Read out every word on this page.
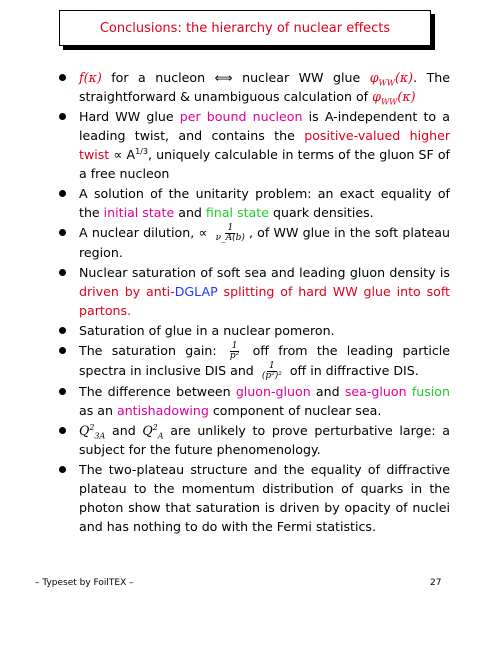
Conclusions: the hierarchy of nuclear effects
f(κ) for a nucleon ⟺ nuclear WW glue $\varphi_{WW}(\kappa)$. The straightforward & unambiguous calculation of $\varphi_{WW}(\kappa)$
Hard WW glue per bound nucleon is A-independent to a leading twist, and contains the positive-valued higher twist ∝ $A^{1/3}$, uniquely calculable in terms of the gluon SF of a free nucleon
A solution of the unitarity problem: an exact equality of the initial state and final state quark densities.
A nuclear dilution, ∝ $\frac{1}{\nu\_A(b)}$ , of WW glue in the soft plateau region.
Nuclear saturation of soft sea and leading gluon density is driven by anti-DGLAP splitting of hard WW glue into soft partons.
Saturation of glue in a nuclear pomeron.
The saturation gain: $\frac{1}{\text{p²}}$ off from the leading particle spectra in inclusive DIS and $\frac{1}{\text{(p²)²}}$ off in diffractive DIS.
The difference between gluon-gluon and sea-gluon fusion as an antishadowing component of nuclear sea.
$Q^2_{3A}$ and $Q^2_A$ are unlikely to prove perturbative large: a subject for the future phenomenology.
The two-plateau structure and the equality of diffractive plateau to the momentum distribution of quarks in the photon show that saturation is driven by opacity of nuclei and has nothing to do with the Fermi statistics.
– Typeset by FoilTEX –	27
